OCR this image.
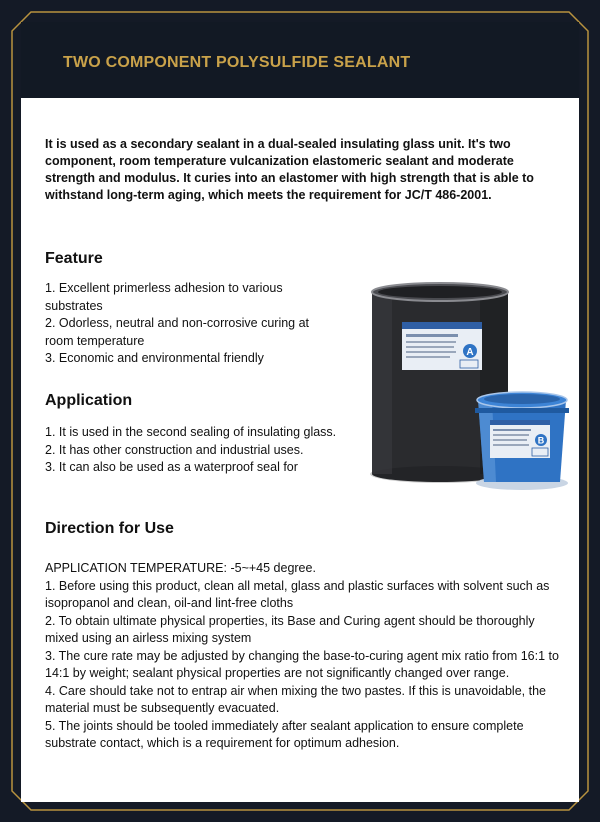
TWO COMPONENT POLYSULFIDE SEALANT
It is used as a secondary sealant in a dual-sealed insulating glass unit. It's two component, room temperature vulcanization elastomeric sealant and moderate strength and modulus. It curies into an elastomer with high strength that is able to withstand long-term aging, which meets the requirement for JC/T 486-2001.
Feature
1. Excellent primerless adhesion to various substrates
2. Odorless, neutral and non-corrosive curing at room temperature
3. Economic and environmental friendly
Application
1. It is used in the second sealing of insulating glass.
2. It has other construction and industrial uses.
3. It can also be used as a waterproof seal for
Direction for Use
APPLICATION TEMPERATURE: -5~+45 degree.
1. Before using this product, clean all metal, glass and plastic surfaces with solvent such as isopropanol and clean, oil-and lint-free cloths
2. To obtain ultimate physical properties, its Base and Curing agent should be thoroughly mixed using an airless mixing system
3. The cure rate may be adjusted by changing the base-to-curing agent mix ratio from 16:1 to 14:1 by weight; sealant physical properties are not significantly changed over range.
4. Care should take not to entrap air when mixing the two pastes. If this is unavoidable, the material must be subsequently evacuated.
5. The joints should be tooled immediately after sealant application to ensure complete substrate contact, which is a requirement for optimum adhesion.
A
B
